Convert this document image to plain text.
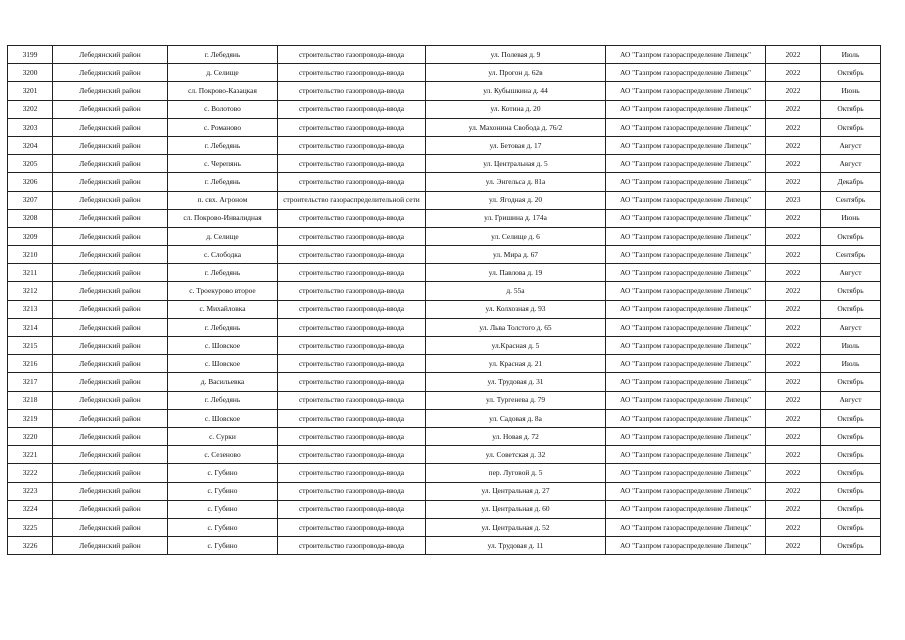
3199	Лебедянский район	г. Лебедянь	строительство газопровода-ввода	ул. Полевая д. 9	АО "Газпром газораспределение Липецк"	2022	Июль
3200	Лебедянский район	д. Селище	строительство газопровода-ввода	ул. Прогон д. 62в	АО "Газпром газораспределение Липецк"	2022	Октябрь
3201	Лебедянский район	сл. Покрово-Казацкая	строительство газопровода-ввода	ул. Кубышкина д. 44	АО "Газпром газораспределение Липецк"	2022	Июнь
3202	Лебедянский район	с. Волотово	строительство газопровода-ввода	ул. Котина д. 20	АО "Газпром газораспределение Липецк"	2022	Октябрь
3203	Лебедянский район	с. Романово	строительство газопровода-ввода	ул. Махонина Свобода д. 76/2	АО "Газпром газораспределение Липецк"	2022	Октябрь
3204	Лебедянский район	г. Лебедянь	строительство газопровода-ввода	ул. Бетовая д. 17	АО "Газпром газораспределение Липецк"	2022	Август
3205	Лебедянский район	с. Черепянь	строительство газопровода-ввода	ул. Центральная д. 5	АО "Газпром газораспределение Липецк"	2022	Август
3206	Лебедянский район	г. Лебедянь	строительство газопровода-ввода	ул. Энгельса д. 81а	АО "Газпром газораспределение Липецк"	2022	Декабрь
3207	Лебедянский район	п. свх. Агроном	строительство газораспределительной сети	ул. Ягодная д. 20	АО "Газпром газораспределение Липецк"	2023	Сентябрь
3208	Лебедянский район	сл. Покрово-Инвалидная	строительство газопровода-ввода	ул. Гришина д. 174а	АО "Газпром газораспределение Липецк"	2022	Июнь
3209	Лебедянский район	д. Селище	строительство газопровода-ввода	ул. Селище д. 6	АО "Газпром газораспределение Липецк"	2022	Октябрь
3210	Лебедянский район	с. Слободка	строительство газопровода-ввода	ул. Мира д. 67	АО "Газпром газораспределение Липецк"	2022	Сентябрь
3211	Лебедянский район	г. Лебедянь	строительство газопровода-ввода	ул. Павлова д. 19	АО "Газпром газораспределение Липецк"	2022	Август
3212	Лебедянский район	с. Троекурово второе	строительство газопровода-ввода	д. 55а	АО "Газпром газораспределение Липецк"	2022	Октябрь
3213	Лебедянский район	с. Михайловка	строительство газопровода-ввода	ул. Колхозная д. 93	АО "Газпром газораспределение Липецк"	2022	Октябрь
3214	Лебедянский район	г. Лебедянь	строительство газопровода-ввода	ул. Льва Толстого д. 65	АО "Газпром газораспределение Липецк"	2022	Август
3215	Лебедянский район	с. Шовское	строительство газопровода-ввода	ул.Красная д. 5	АО "Газпром газораспределение Липецк"	2022	Июль
3216	Лебедянский район	с. Шовское	строительство газопровода-ввода	ул. Красная д. 21	АО "Газпром газораспределение Липецк"	2022	Июль
3217	Лебедянский район	д. Васильевка	строительство газопровода-ввода	ул. Трудовая д. 31	АО "Газпром газораспределение Липецк"	2022	Октябрь
3218	Лебедянский район	г. Лебедянь	строительство газопровода-ввода	ул. Тургенева д. 79	АО "Газпром газораспределение Липецк"	2022	Август
3219	Лебедянский район	с. Шовское	строительство газопровода-ввода	ул. Садовая д. 8а	АО "Газпром газораспределение Липецк"	2022	Октябрь
3220	Лебедянский район	с. Сурки	строительство газопровода-ввода	ул. Новая д. 72	АО "Газпром газораспределение Липецк"	2022	Октябрь
3221	Лебедянский район	с. Сезеново	строительство газопровода-ввода	ул. Советская д. 32	АО "Газпром газораспределение Липецк"	2022	Октябрь
3222	Лебедянский район	с. Губино	строительство газопровода-ввода	пер. Луговой д. 5	АО "Газпром газораспределение Липецк"	2022	Октябрь
3223	Лебедянский район	с. Губино	строительство газопровода-ввода	ул. Центральная д. 27	АО "Газпром газораспределение Липецк"	2022	Октябрь
3224	Лебедянский район	с. Губино	строительство газопровода-ввода	ул. Центральная д. 60	АО "Газпром газораспределение Липецк"	2022	Октябрь
3225	Лебедянский район	с. Губино	строительство газопровода-ввода	ул. Центральная д. 52	АО "Газпром газораспределение Липецк"	2022	Октябрь
3226	Лебедянский район	с. Губино	строительство газопровода-ввода	ул. Трудовая д. 11	АО "Газпром газораспределение Липецк"	2022	Октябрь
